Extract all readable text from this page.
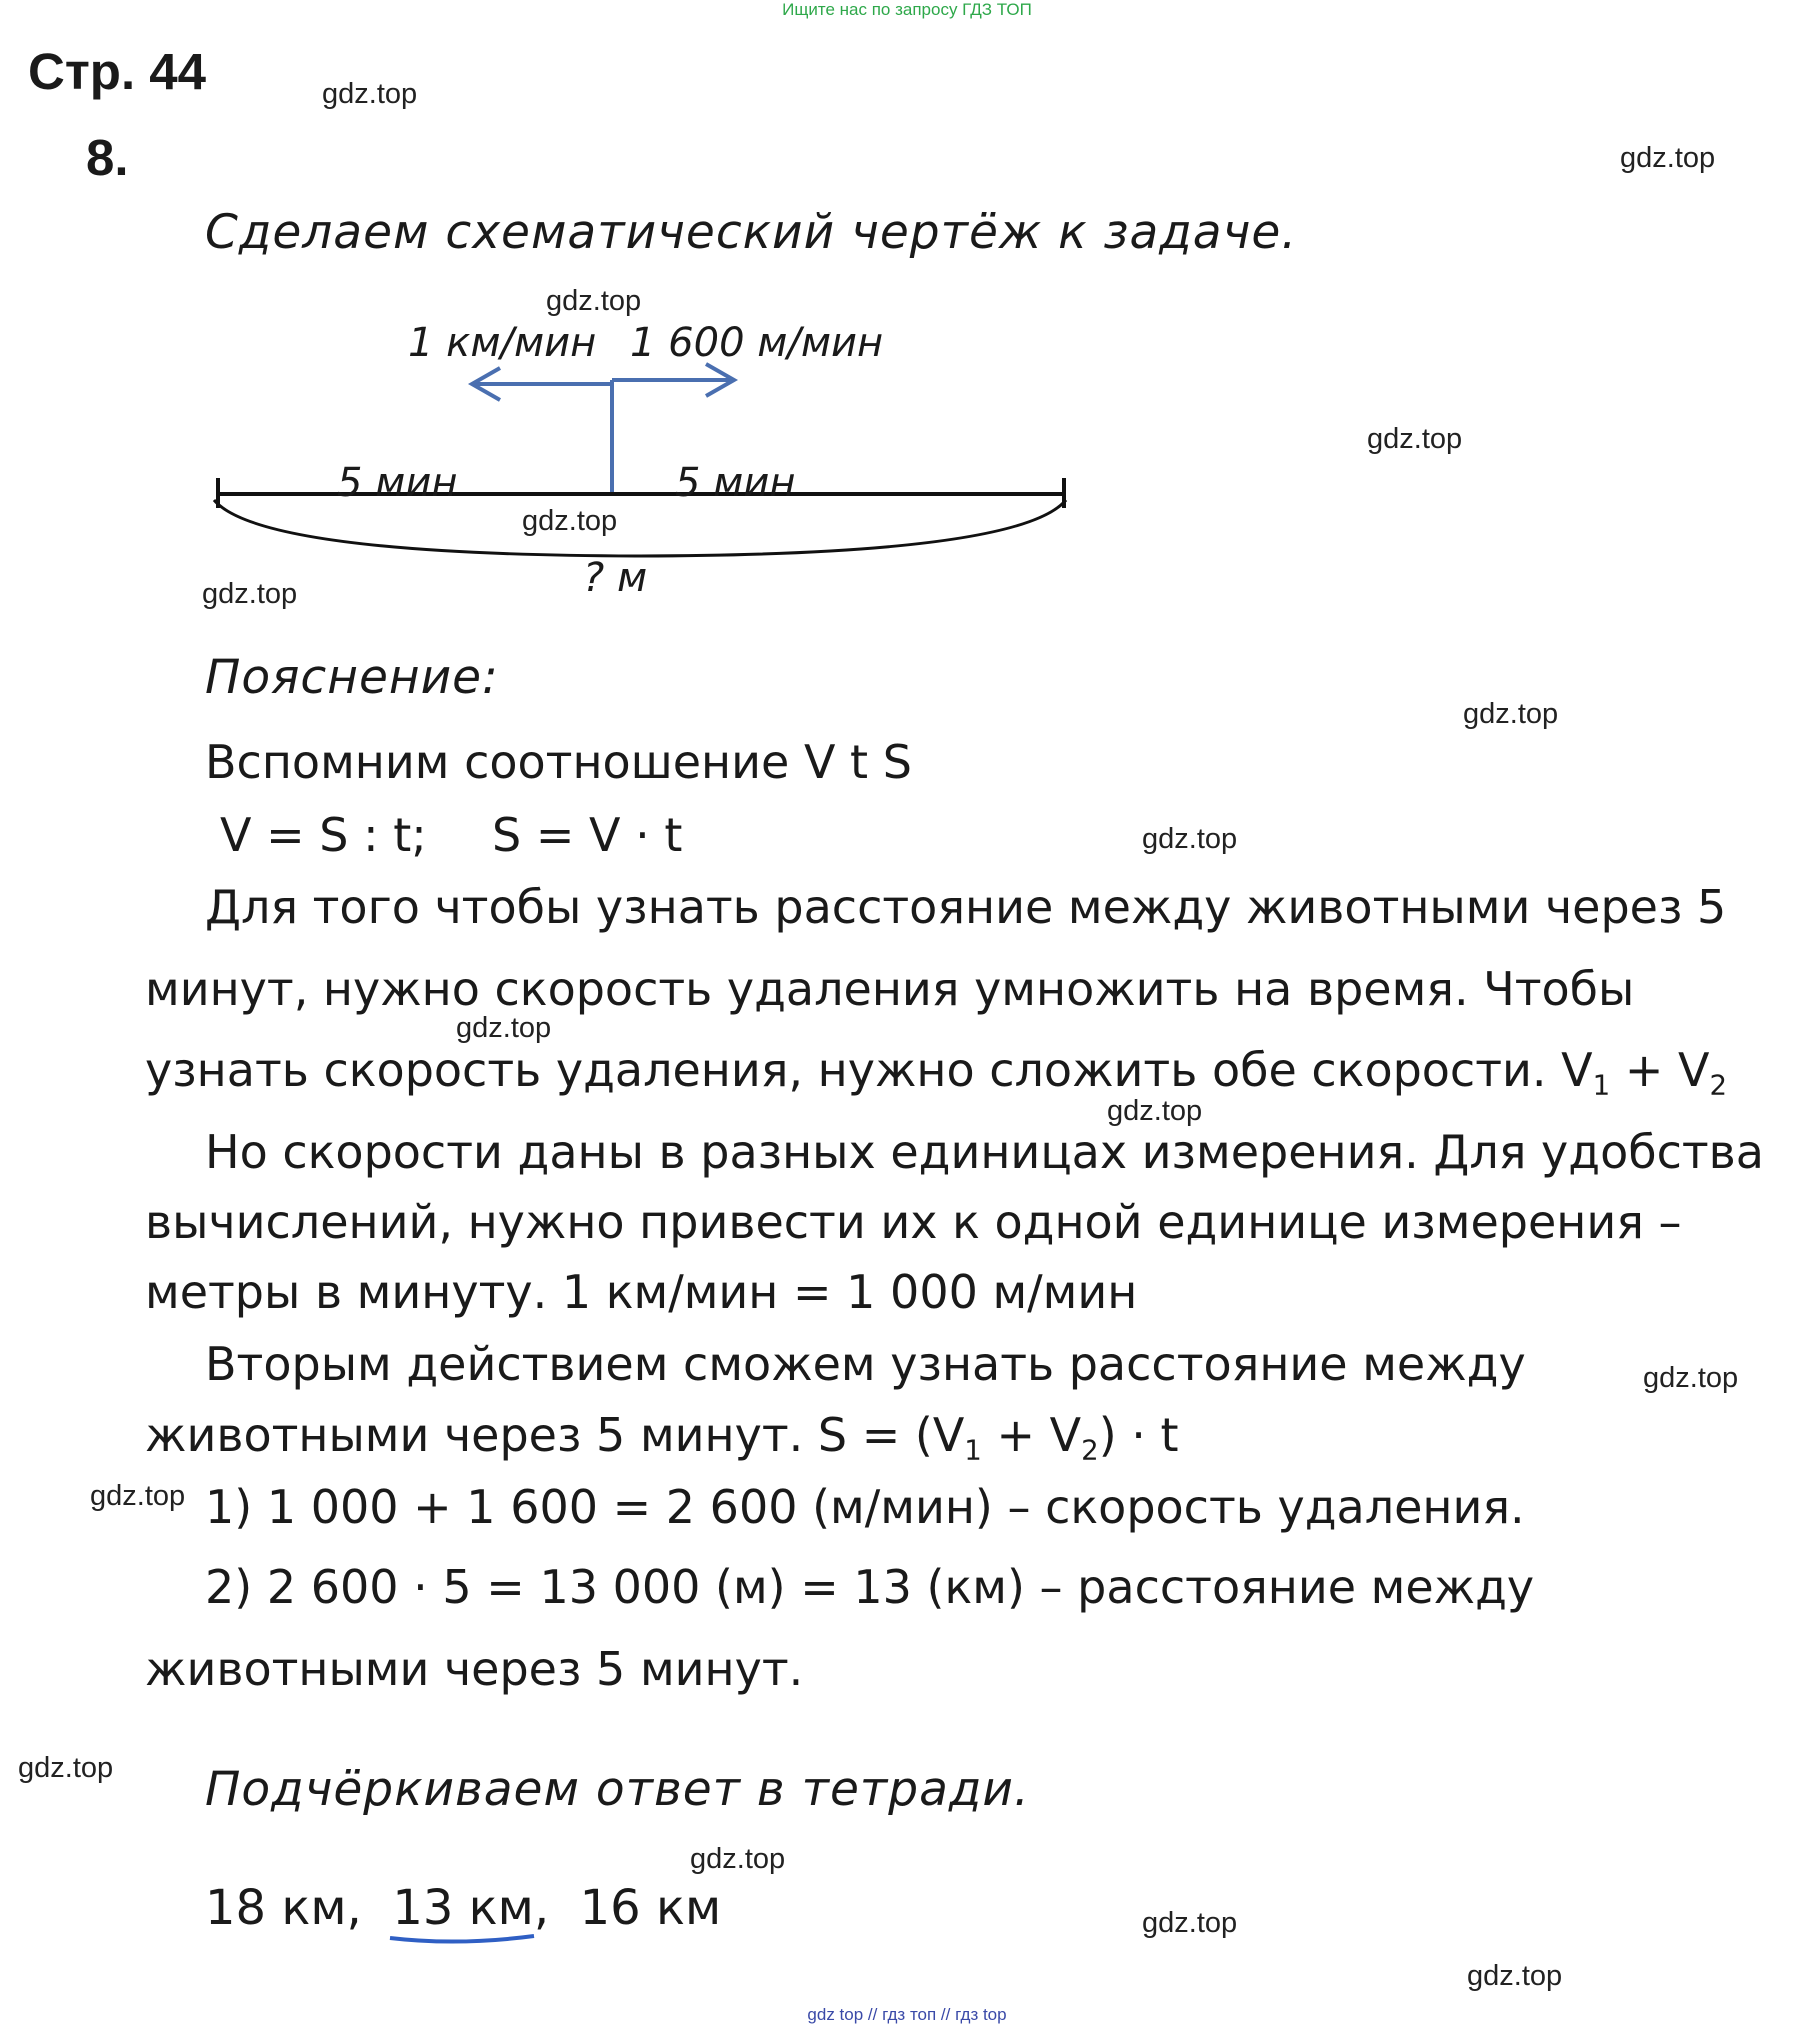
Ищите нас по запросу ГДЗ ТОП
Стр. 44
8.
gdz.top
gdz.top
gdz.top
gdz.top
gdz.top
gdz.top
gdz.top
gdz.top
gdz.top
gdz.top
gdz.top
gdz.top
gdz.top
gdz.top
gdz.top
gdz.top
Сделаем схематический чертёж к задаче.
1 км/мин 1 600 м/мин
5 мин	5 мин
? м
Пояснение:
Вспомним соотношение V t S
V = S : t; S = V · t
Для того чтобы узнать расстояние между животными через 5
минут, нужно скорость удаления умножить на время. Чтобы
узнать скорость удаления, нужно сложить обе скорости. $V_1 + V_2$
Но скорости даны в разных единицах измерения. Для удобства
вычислений, нужно привести их к одной единице измерения –
метры в минуту. 1 км/мин = 1 000 м/мин
Вторым действием сможем узнать расстояние между
животными через 5 минут. $S = (V_1 + V_2) \cdot t$
1) 1 000 + 1 600 = 2 600 (м/мин) – скорость удаления.
2) 2 600 · 5 = 13 000 (м) = 13 (км) – расстояние между
животными через 5 минут.
Подчёркиваем ответ в тетради.
18 км, 13 км
, 16 км
gdz top // гдз топ // гдз top
